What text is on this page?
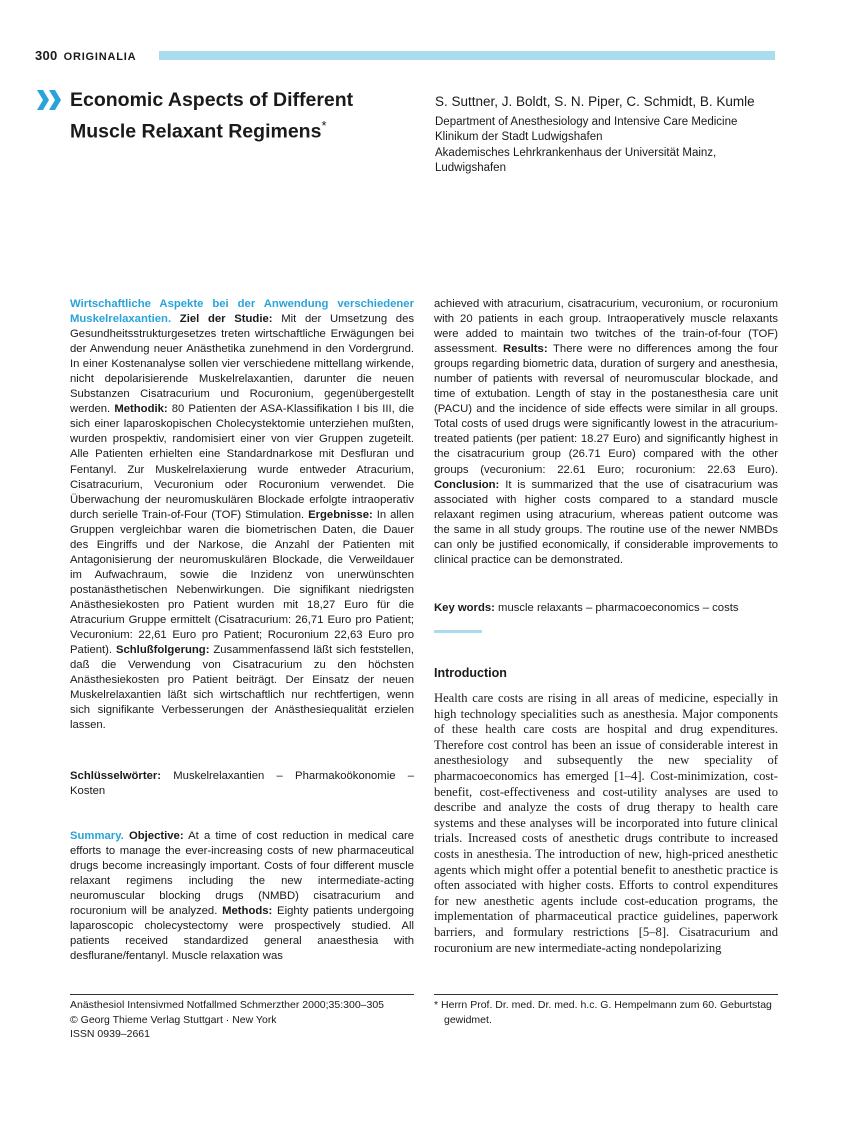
300 ORIGINALIA
Economic Aspects of Different Muscle Relaxant Regimens*
S. Suttner, J. Boldt, S. N. Piper, C. Schmidt, B. Kumle
Department of Anesthesiology and Intensive Care Medicine
Klinikum der Stadt Ludwigshafen
Akademisches Lehrkrankenhaus der Universität Mainz,
Ludwigshafen
Wirtschaftliche Aspekte bei der Anwendung verschiedener Muskelrelaxantien. Ziel der Studie: Mit der Umsetzung des Gesundheitsstrukturgesetzes treten wirtschaftliche Erwägungen bei der Anwendung neuer Anästhetika zunehmend in den Vordergrund. In einer Kostenanalyse sollen vier verschiedene mittellang wirkende, nicht depolarisierende Muskelrelaxantien, darunter die neuen Substanzen Cisatracurium und Rocuronium, gegenübergestellt werden. Methodik: 80 Patienten der ASA-Klassifikation I bis III, die sich einer laparoskopischen Cholecystektomie unterziehen mußten, wurden prospektiv, randomisiert einer von vier Gruppen zugeteilt. Alle Patienten erhielten eine Standardnarkose mit Desfluran und Fentanyl. Zur Muskelrelaxierung wurde entweder Atracurium, Cisatracurium, Vecuronium oder Rocuronium verwendet. Die Überwachung der neuromuskulären Blockade erfolgte intraoperativ durch serielle Train-of-Four (TOF) Stimulation. Ergebnisse: In allen Gruppen vergleichbar waren die biometrischen Daten, die Dauer des Eingriffs und der Narkose, die Anzahl der Patienten mit Antagonisierung der neuromuskulären Blockade, die Verweildauer im Aufwachraum, sowie die Inzidenz von unerwünschten postanästhetischen Nebenwirkungen. Die signifikant niedrigsten Anästhesiekosten pro Patient wurden mit 18,27 Euro für die Atracurium Gruppe ermittelt (Cisatracurium: 26,71 Euro pro Patient; Vecuronium: 22,61 Euro pro Patient; Rocuronium 22,63 Euro pro Patient). Schlußfolgerung: Zusammenfassend läßt sich feststellen, daß die Verwendung von Cisatracurium zu den höchsten Anästhesiekosten pro Patient beiträgt. Der Einsatz der neuen Muskelrelaxantien läßt sich wirtschaftlich nur rechtfertigen, wenn sich signifikante Verbesserungen der Anästhesiequalität erzielen lassen.
Schlüsselwörter: Muskelrelaxantien – Pharmakoökonomie – Kosten
Summary. Objective: At a time of cost reduction in medical care efforts to manage the ever-increasing costs of new pharmaceutical drugs become increasingly important. Costs of four different muscle relaxant regimens including the new intermediate-acting neuromuscular blocking drugs (NMBD) cisatracurium and rocuronium will be analyzed. Methods: Eighty patients undergoing laparoscopic cholecystectomy were prospectively studied. All patients received standardized general anaesthesia with desflurane/fentanyl. Muscle relaxation was
achieved with atracurium, cisatracurium, vecuronium, or rocuronium with 20 patients in each group. Intraoperatively muscle relaxants were added to maintain two twitches of the train-of-four (TOF) assessment. Results: There were no differences among the four groups regarding biometric data, duration of surgery and anesthesia, number of patients with reversal of neuromuscular blockade, and time of extubation. Length of stay in the postanesthesia care unit (PACU) and the incidence of side effects were similar in all groups. Total costs of used drugs were significantly lowest in the atracurium-treated patients (per patient: 18.27 Euro) and significantly highest in the cisatracurium group (26.71 Euro) compared with the other groups (vecuronium: 22.61 Euro; rocuronium: 22.63 Euro). Conclusion: It is summarized that the use of cisatracurium was associated with higher costs compared to a standard muscle relaxant regimen using atracurium, whereas patient outcome was the same in all study groups. The routine use of the newer NMBDs can only be justified economically, if considerable improvements to clinical practice can be demonstrated.
Key words: muscle relaxants – pharmacoeconomics – costs
Introduction
Health care costs are rising in all areas of medicine, especially in high technology specialities such as anesthesia. Major components of these health care costs are hospital and drug expenditures. Therefore cost control has been an issue of considerable interest in anesthesiology and subsequently the new speciality of pharmacoeconomics has emerged [1–4]. Cost-minimization, cost-benefit, cost-effectiveness and cost-utility analyses are used to describe and analyze the costs of drug therapy to health care systems and these analyses will be incorporated into future clinical trials. Increased costs of anesthetic drugs contribute to increased costs in anesthesia. The introduction of new, high-priced anesthetic agents which might offer a potential benefit to anesthetic practice is often associated with higher costs. Efforts to control expenditures for new anesthetic agents include cost-education programs, the implementation of pharmaceutical practice guidelines, paperwork barriers, and formulary restrictions [5–8]. Cisatracurium and rocuronium are new intermediate-acting nondepolarizing
Anästhesiol Intensivmed Notfallmed Schmerzther 2000;35:300–305
© Georg Thieme Verlag Stuttgart · New York
ISSN 0939–2661
* Herrn Prof. Dr. med. Dr. med. h.c. G. Hempelmann zum 60. Geburtstag
gewidmet.
